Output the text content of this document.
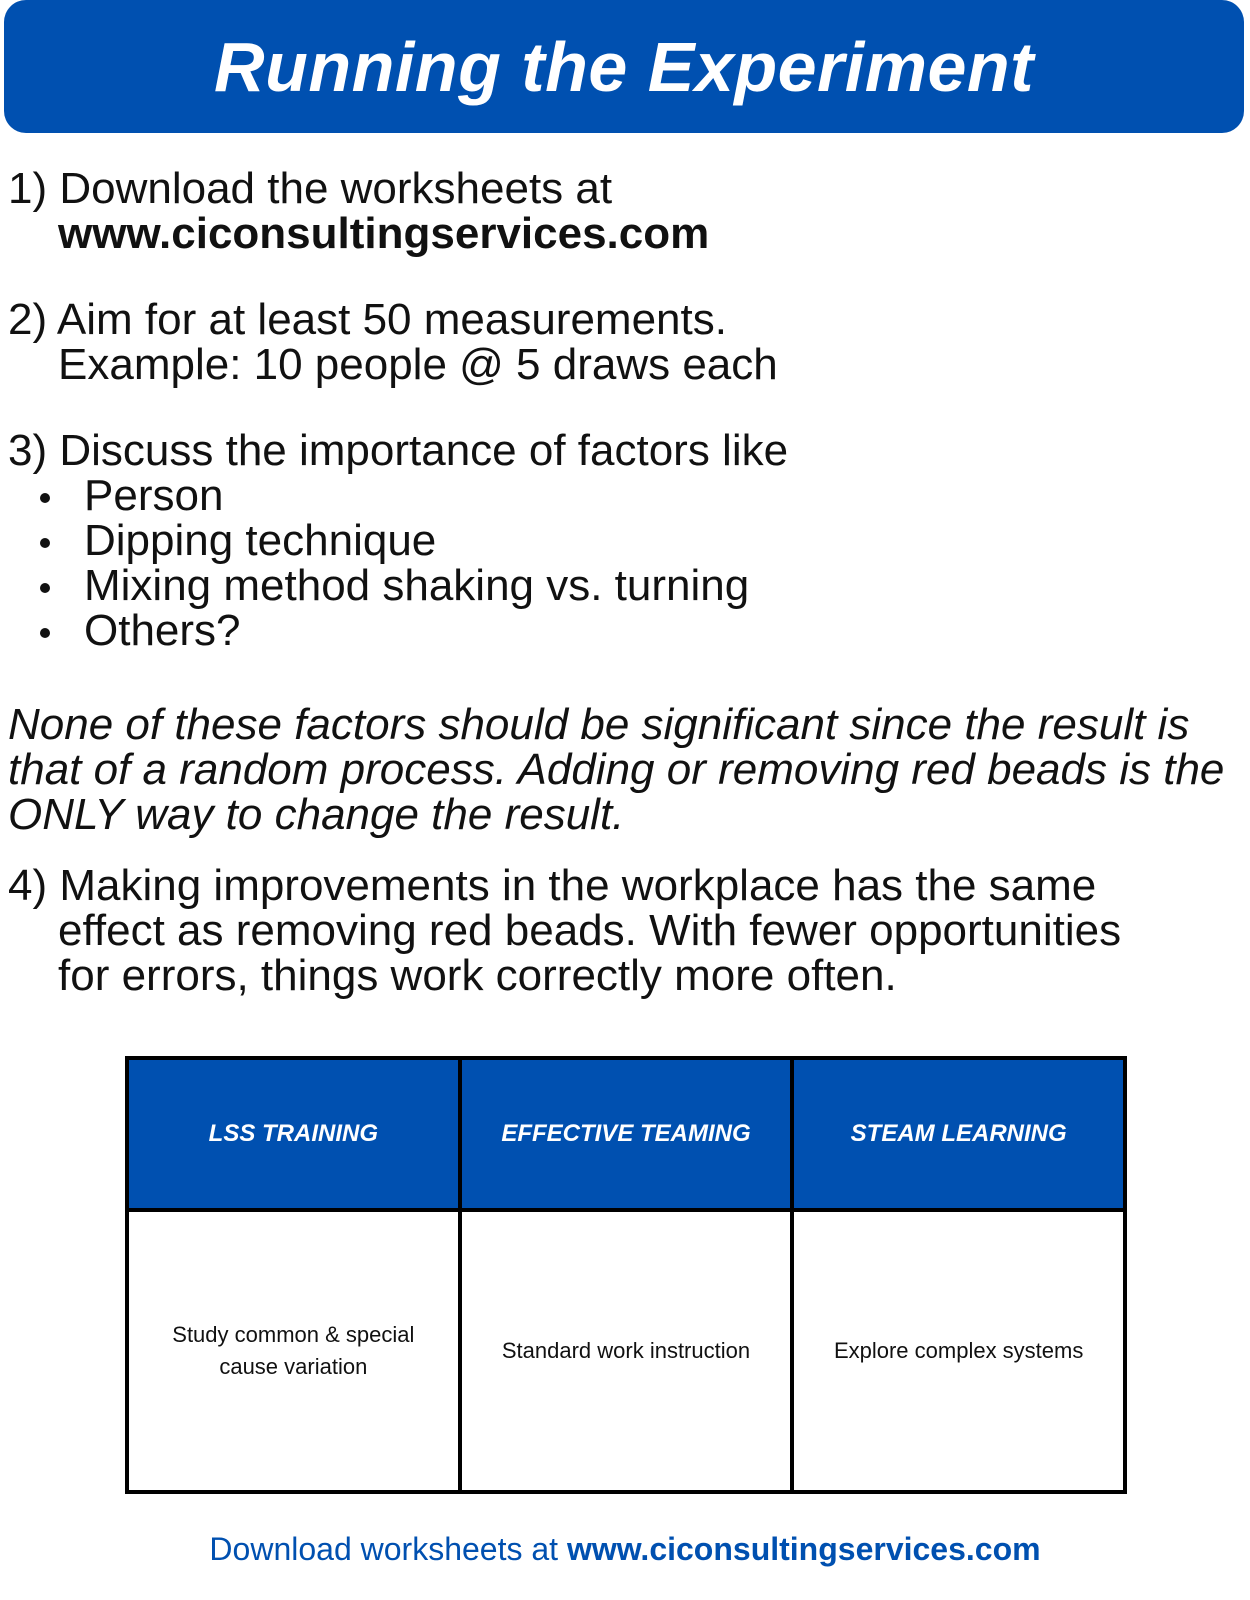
Running the Experiment
1) Download the worksheets at
www.ciconsultingservices.com
2) Aim for at least 50 measurements.
Example: 10 people @ 5 draws each
3) Discuss the importance of factors like
Person
Dipping technique
Mixing method shaking vs. turning
Others?
None of these factors should be significant since the result is that of a random process. Adding or removing red beads is the ONLY way to change the result.
4) Making improvements in the workplace has the same
effect as removing red beads. With fewer opportunities
for errors, things work correctly more often.
LSS TRAINING	EFFECTIVE TEAMING	STEAM LEARNING
Study common & special cause variation	Standard work instruction	Explore complex systems
Download worksheets at www.ciconsultingservices.com
